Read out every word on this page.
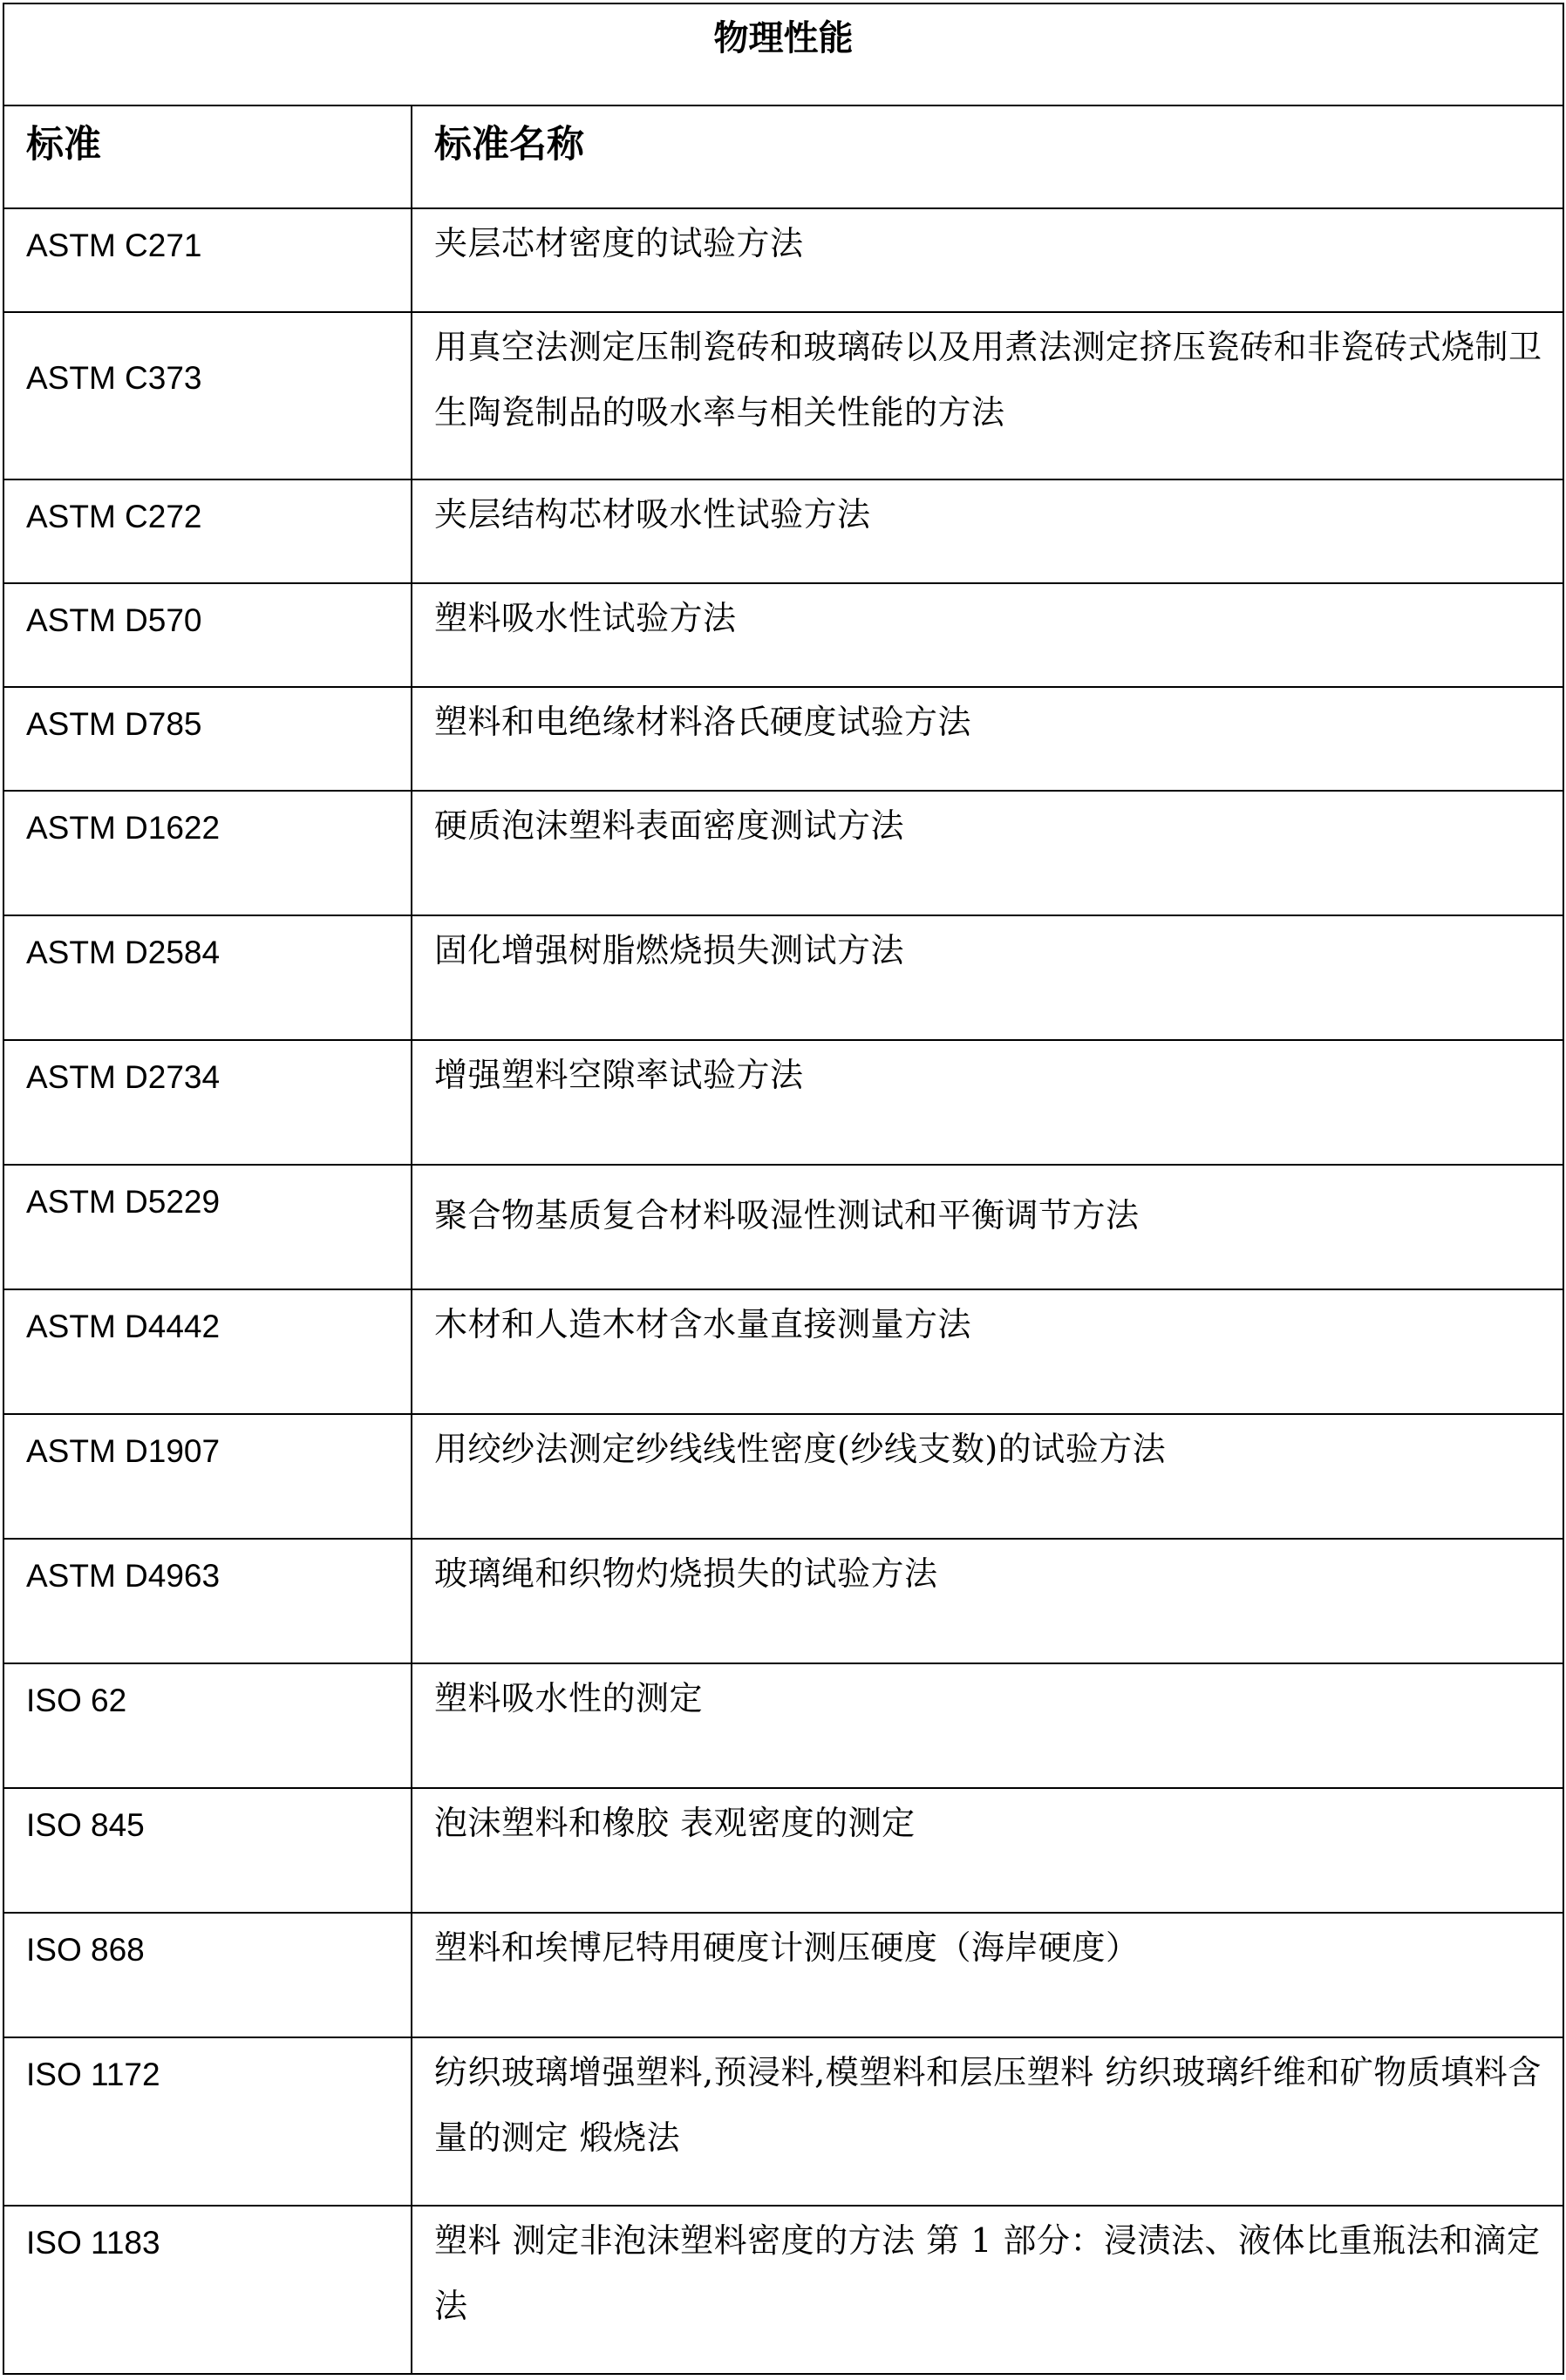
物理性能	

标准	标准名称

ASTM C271	夹层芯材密度的试验方法

ASTM C373	用真空法测定压制瓷砖和玻璃砖以及用煮法测定挤压瓷砖和非瓷砖式烧制卫生陶瓷制品的吸水率与相关性能的方法

ASTM C272	夹层结构芯材吸水性试验方法

ASTM D570	塑料吸水性试验方法

ASTM D785	塑料和电绝缘材料洛氏硬度试验方法

ASTM D1622	硬质泡沫塑料表面密度测试方法

ASTM D2584	固化增强树脂燃烧损失测试方法

ASTM D2734	增强塑料空隙率试验方法

ASTM D5229	聚合物基质复合材料吸湿性测试和平衡调节方法

ASTM D4442	木材和人造木材含水量直接测量方法

ASTM D1907	用绞纱法测定纱线线性密度(纱线支数)的试验方法

ASTM D4963	玻璃绳和织物灼烧损失的试验方法

ISO 62	塑料吸水性的测定

ISO 845	泡沫塑料和橡胶 表观密度的测定

ISO 868	塑料和埃博尼特用硬度计测压硬度（海岸硬度）

ISO 1172	纺织玻璃增强塑料,预浸料,模塑料和层压塑料 纺织玻璃纤维和矿物质填料含量的测定 煅烧法

ISO 1183	塑料 测定非泡沫塑料密度的方法 第 1 部分：浸渍法、液体比重瓶法和滴定法
